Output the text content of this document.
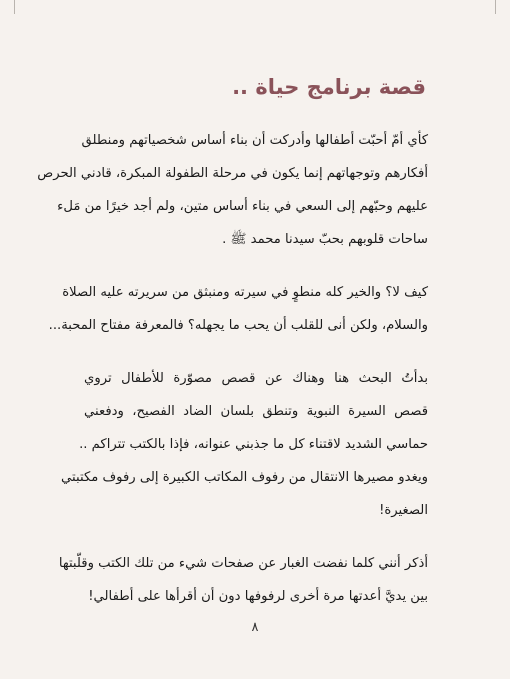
قصة برنامج حياة ..

كأي أمّ أحبّت أطفالها وأدركت أن بناء أساس شخصياتهم ومنطلق
أفكارهم وتوجهاتهم إنما يكون في مرحلة الطفولة المبكرة، قادني الحرص
عليهم وحبّهم إلى السعي في بناء أساس متين، ولم أجد خيرًا من مَلء
ساحات قلوبهم بحبّ سيدنا محمد ﷺ .

كيف لا؟ والخير كله منطوٍ في سيرته ومنبثق من سريرته عليه الصلاة
والسلام، ولكن أنى للقلب أن يحب ما يجهله؟ فالمعرفة مفتاح المحبة...

بدأتُ البحث هنا وهناك عن قصص مصوّرة للأطفال تروي
قصص السيرة النبوية وتنطق بلسان الضاد الفصيح، ودفعني
حماسي الشديد لاقتناء كل ما جذبني عنوانه، فإذا بالكتب تتراكم ..
ويغدو مصيرها الانتقال من رفوف المكاتب الكبيرة إلى رفوف مكتبتي
الصغيرة!

أذكر أنني كلما نفضت الغبار عن صفحات شيء من تلك الكتب وقلّبتها
بين يديَّ أعدتها مرة أخرى لرفوفها دون أن أقرأها على أطفالي!

٨
